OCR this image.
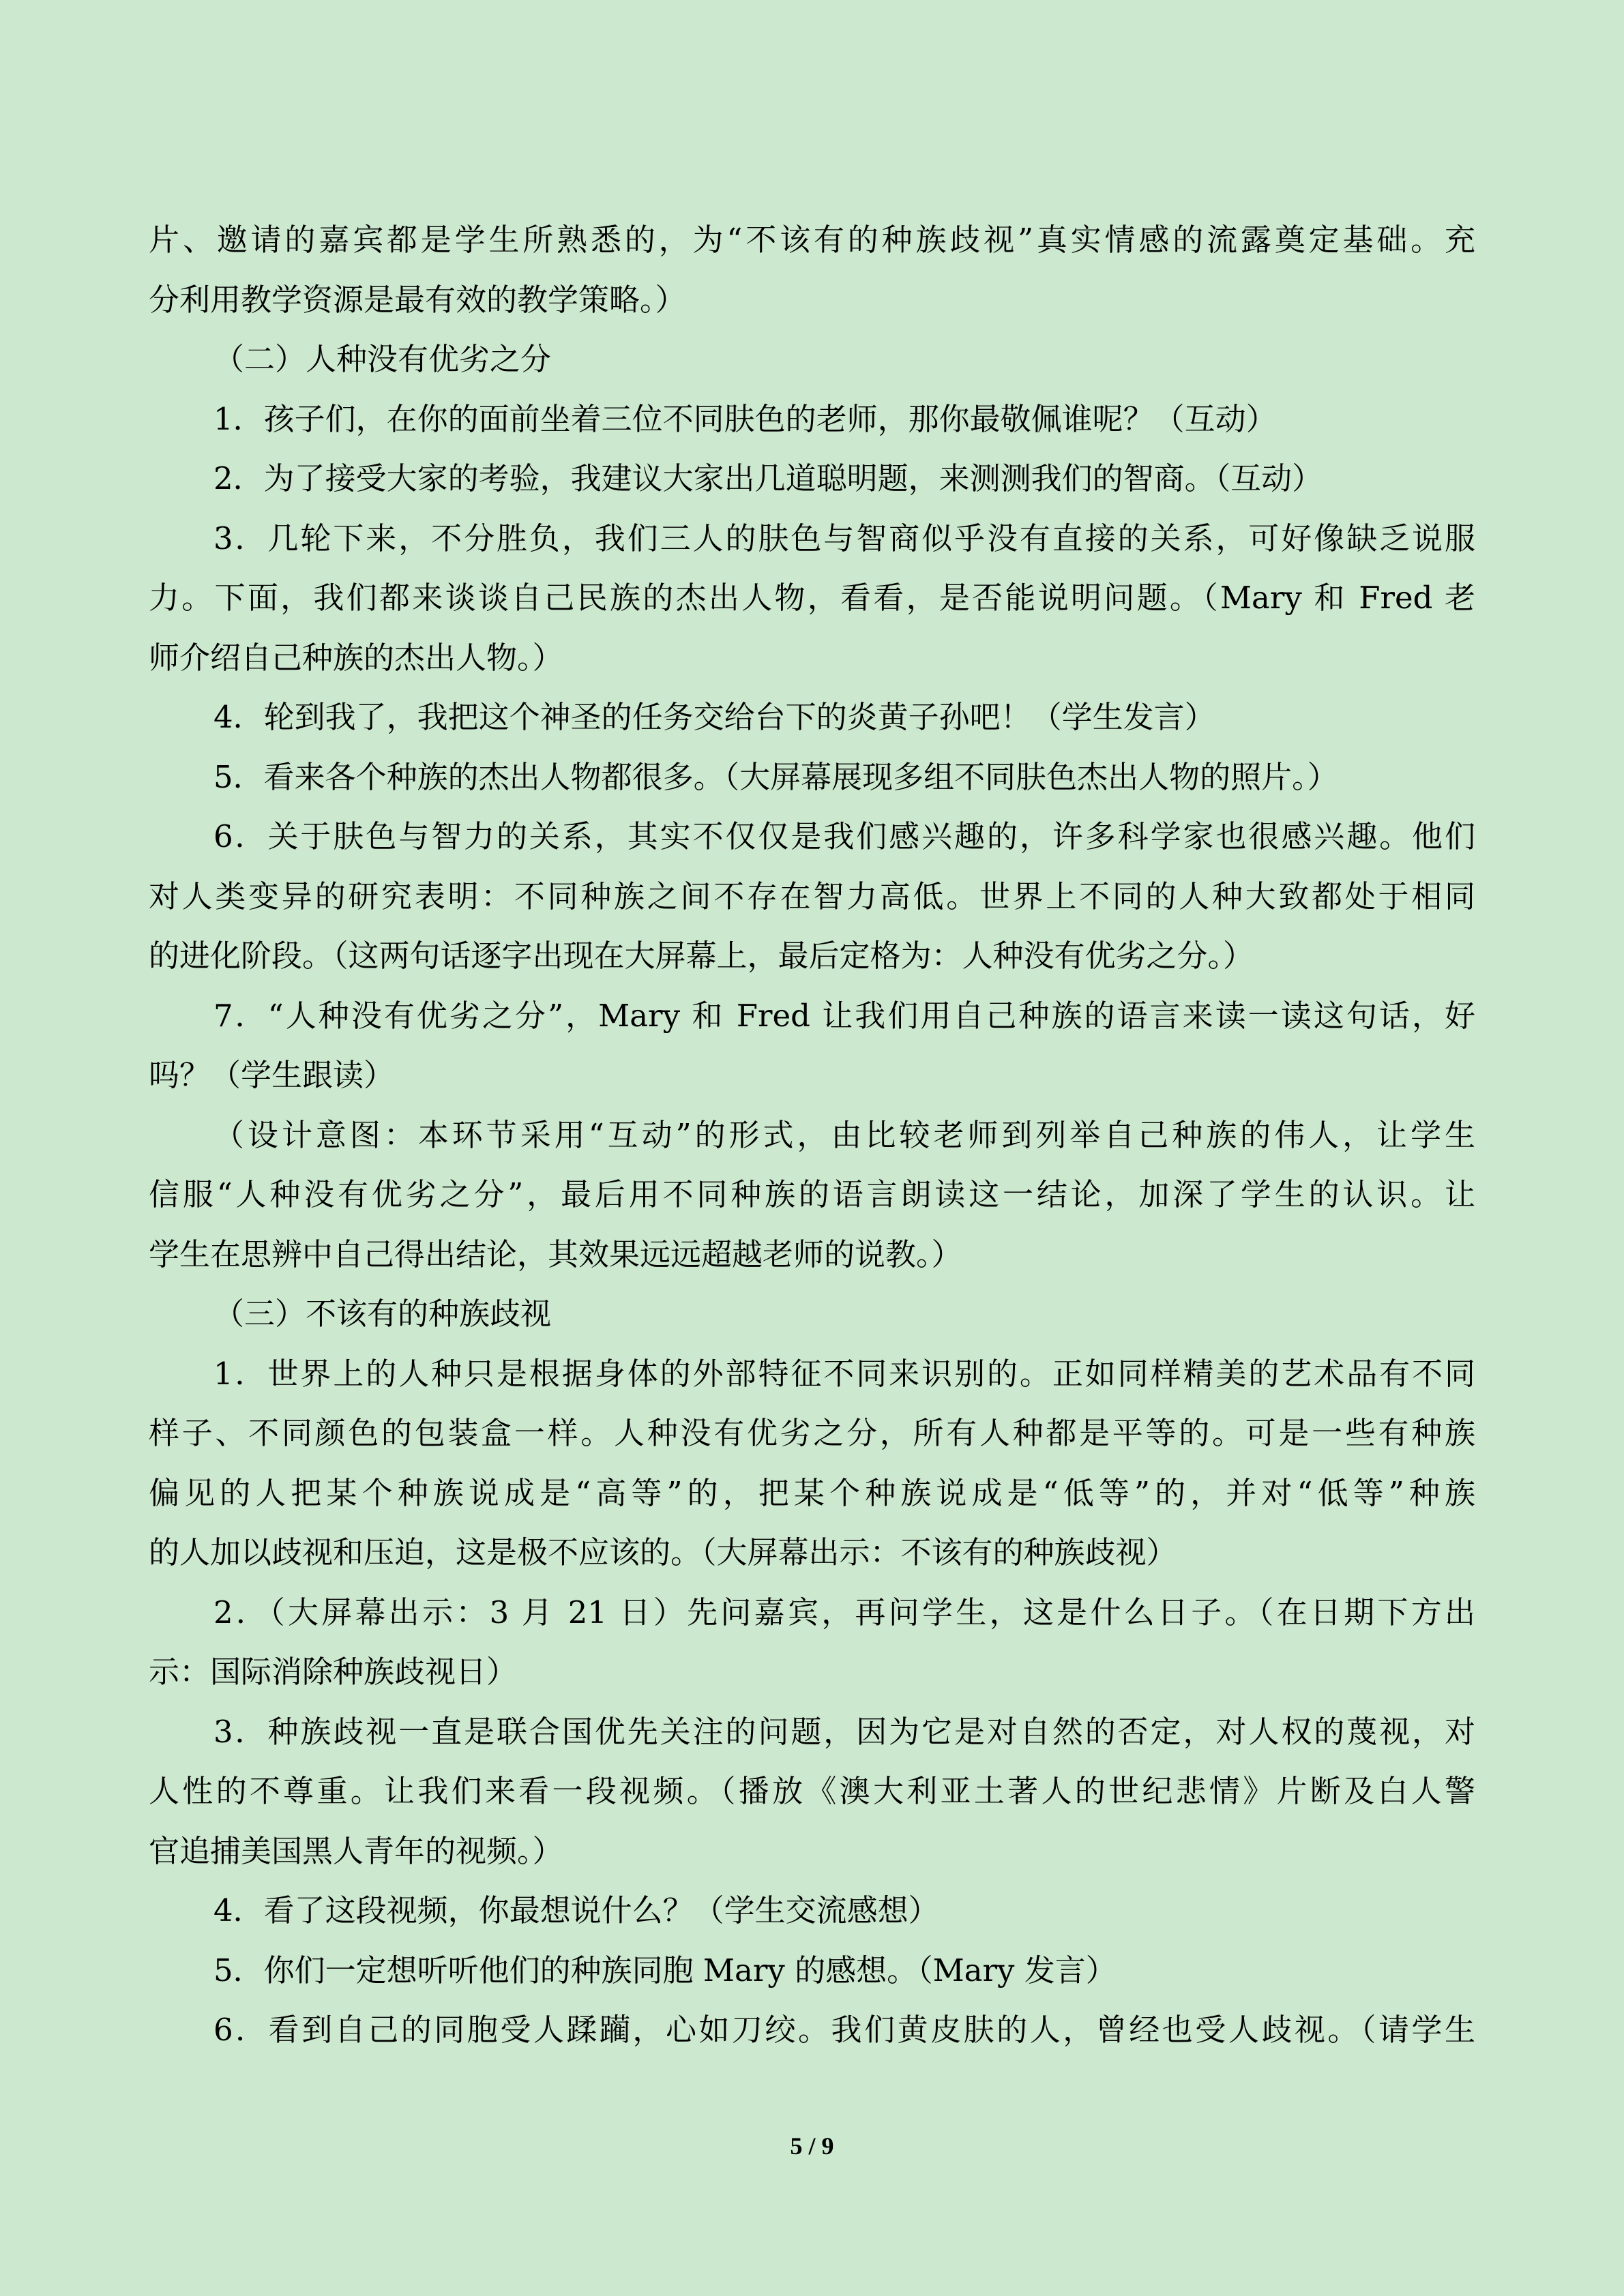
片、邀请的嘉宾都是学生所熟悉的，为“不该有的种族歧视”真实情感的流露奠定基础。充
分利用教学资源是最有效的教学策略。）
（二）人种没有优劣之分
1．孩子们，在你的面前坐着三位不同肤色的老师，那你最敬佩谁呢？（互动）
2．为了接受大家的考验，我建议大家出几道聪明题，来测测我们的智商。（互动）
3．几轮下来，不分胜负，我们三人的肤色与智商似乎没有直接的关系，可好像缺乏说服
力。下面，我们都来谈谈自己民族的杰出人物，看看，是否能说明问题。（Mary 和 Fred 老
师介绍自己种族的杰出人物。）
4．轮到我了，我把这个神圣的任务交给台下的炎黄子孙吧！（学生发言）
5．看来各个种族的杰出人物都很多。（大屏幕展现多组不同肤色杰出人物的照片。）
6．关于肤色与智力的关系，其实不仅仅是我们感兴趣的，许多科学家也很感兴趣。他们
对人类变异的研究表明：不同种族之间不存在智力高低。世界上不同的人种大致都处于相同
的进化阶段。（这两句话逐字出现在大屏幕上，最后定格为：人种没有优劣之分。）
7．“人种没有优劣之分”，Mary 和 Fred 让我们用自己种族的语言来读一读这句话，好
吗？（学生跟读）
（设计意图：本环节采用“互动”的形式，由比较老师到列举自己种族的伟人，让学生
信服“人种没有优劣之分”，最后用不同种族的语言朗读这一结论，加深了学生的认识。让
学生在思辨中自己得出结论，其效果远远超越老师的说教。）
（三）不该有的种族歧视
1．世界上的人种只是根据身体的外部特征不同来识别的。正如同样精美的艺术品有不同
样子、不同颜色的包装盒一样。人种没有优劣之分，所有人种都是平等的。可是一些有种族
偏见的人把某个种族说成是“高等”的，把某个种族说成是“低等”的，并对“低等”种族
的人加以歧视和压迫，这是极不应该的。（大屏幕出示：不该有的种族歧视）
2．（大屏幕出示：3 月 21 日）先问嘉宾，再问学生，这是什么日子。（在日期下方出
示：国际消除种族歧视日）
3．种族歧视一直是联合国优先关注的问题，因为它是对自然的否定，对人权的蔑视，对
人性的不尊重。让我们来看一段视频。（播放《澳大利亚土著人的世纪悲情》片断及白人警
官追捕美国黑人青年的视频。）
4．看了这段视频，你最想说什么？（学生交流感想）
5．你们一定想听听他们的种族同胞 Mary 的感想。（Mary 发言）
6．看到自己的同胞受人蹂躏，心如刀绞。我们黄皮肤的人，曾经也受人歧视。（请学生
5 / 9
